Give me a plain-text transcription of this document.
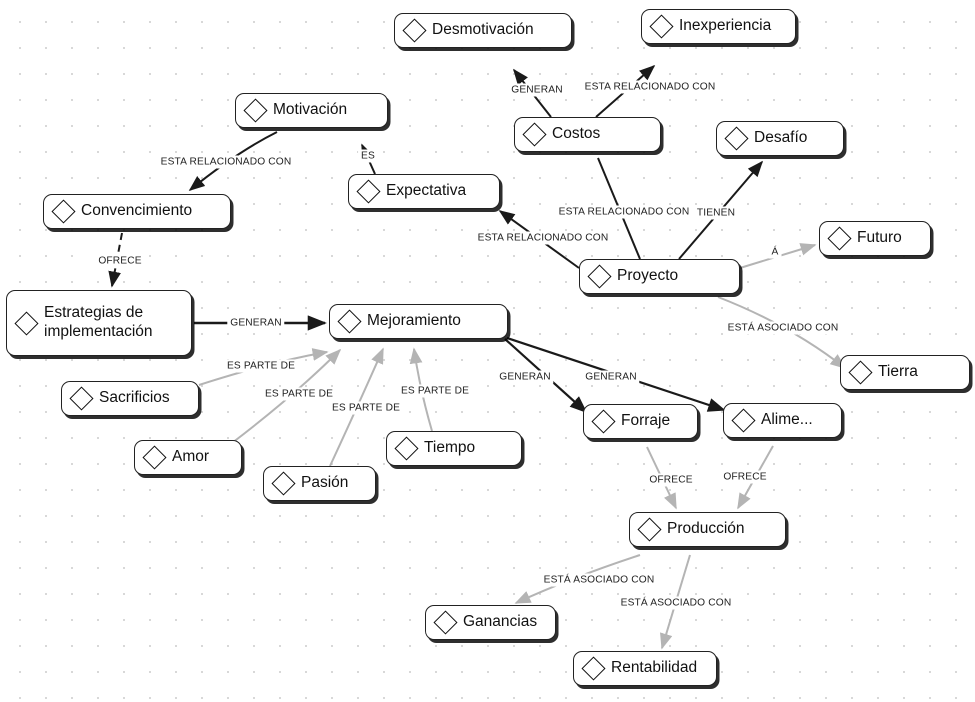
Desmotivación	Inexperiencia
Motivación
Costos	Desafío
Expectativa
Convencimiento
Futuro
Proyecto
Estrategias de implementación
Mejoramiento
Tierra
Sacrificios
Forraje	Alime...
Tiempo
Amor
Pasión
Producción
Ganancias
Rentabilidad
GENERAN ESTA RELACIONADO CON
ESTA RELACIONADO CON
ES
ESTA RELACIONADO CON TIENEN
ESTA RELACIONADO CON
OFRECE
Á
GENERAN	ESTÁ ASOCIADO CON
ES PARTE DE
GENERAN	GENERAN
ES PARTE DE	ES PARTE DE
ES PARTE DE
OFRECE	OFRECE
ESTÁ ASOCIADO CON
ESTÁ ASOCIADO CON
